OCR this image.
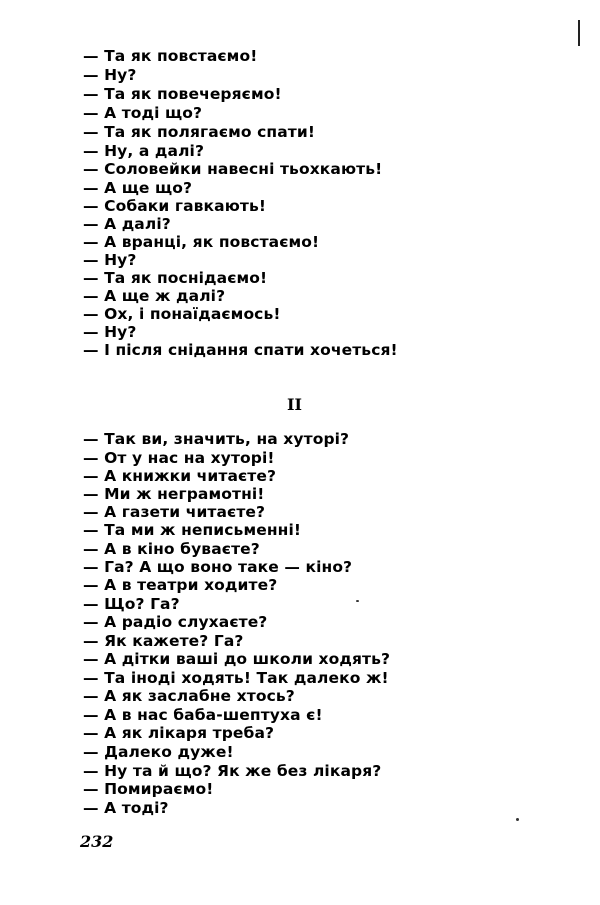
— Та як повстаємо!
— Ну?
— Та як повечеряємо!
— А тоді що?
— Та як полягаємо спати!
— Ну, а далі?
— Соловейки навесні тьохкають!
— А ще що?
— Собаки гавкають!
— А далі?
— А вранці, як повстаємо!
— Ну?
— Та як поснідаємо!
— А ще ж далі?
— Ох, і понаїдаємось!
— Ну?
— І після снідання спати хочеться!
II
— Так ви, значить, на хуторі?
— От у нас на хуторі!
— А книжки читаєте?
— Ми ж неграмотні!
— А газети читаєте?
— Та ми ж неписьменні!
— А в кіно буваєте?
— Га? А що воно таке — кіно?
— А в театри ходите?
— Що? Га?
— А радіо слухаєте?
— Як кажете? Га?
— А дітки ваші до школи ходять?
— Та іноді ходять! Так далеко ж!
— А як заслабне хтось?
— А в нас баба-шептуха є!
— А як лікаря треба?
— Далеко дуже!
— Ну та й що? Як же без лікаря?
— Помираємо!
— А тоді?
232
